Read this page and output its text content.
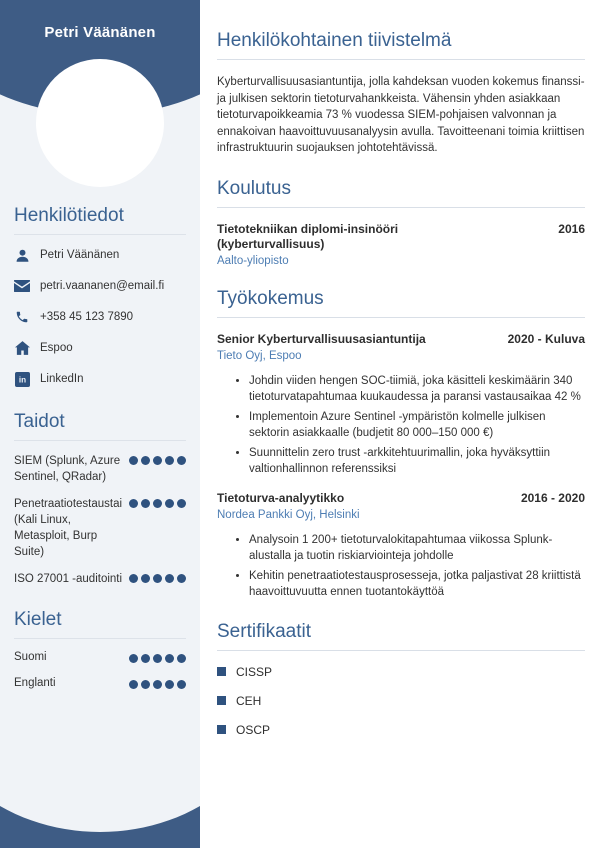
Petri Väänänen
Henkilötiedot
Petri Väänänen
petri.vaananen@email.fi
+358 45 123 7890
Espoo
in LinkedIn
Taidot
SIEM (Splunk, Azure Sentinel, QRadar)
Penetraatiotestaustai (Kali Linux, Metasploit, Burp Suite)
ISO 27001 -auditointi
Kielet
Suomi
Englanti
Henkilökohtainen tiivistelmä

Kyberturvallisuusasiantuntija, jolla kahdeksan vuoden kokemus finanssi- ja julkisen sektorin tietoturvahankkeista. Vähensin yhden asiakkaan tietoturvapoikkeamia 73 % vuodessa SIEM-pohjaisen valvonnan ja ennakoivan haavoittuvuusanalyysin avulla. Tavoitteenani toimia kriittisen infrastruktuurin suojauksen johtotehtävissä.

Koulutus
Tietotekniikan diplomi-insinööri (kyberturvallisuus)
2016
Aalto-yliopisto
Työkokemus
Senior Kyberturvallisuusasiantuntija	2020 - Kuluva
Tieto Oyj, Espoo
• Johdin viiden hengen SOC-tiimiä, joka käsitteli keskimäärin 340 tietoturvatapahtumaa kuukaudessa ja paransi vastausaikaa 42 %
• Implementoin Azure Sentinel -ympäristön kolmelle julkisen sektorin asiakkaalle (budjetit 80 000–150 000 €)
• Suunnittelin zero trust -arkkitehtuurimallin, joka hyväksyttiin valtionhallinnon referenssiksi
Tietoturva-analyytikko	2016 - 2020
Nordea Pankki Oyj, Helsinki
• Analysoin 1 200+ tietoturvalokitapahtumaa viikossa Splunk-alustalla ja tuotin riskiarviointeja johdolle
• Kehitin penetraatiotestausprosesseja, jotka paljastivat 28 kriittistä haavoittuvuutta ennen tuotantokäyttöä
Sertifikaatit
CISSP
CEH
OSCP
